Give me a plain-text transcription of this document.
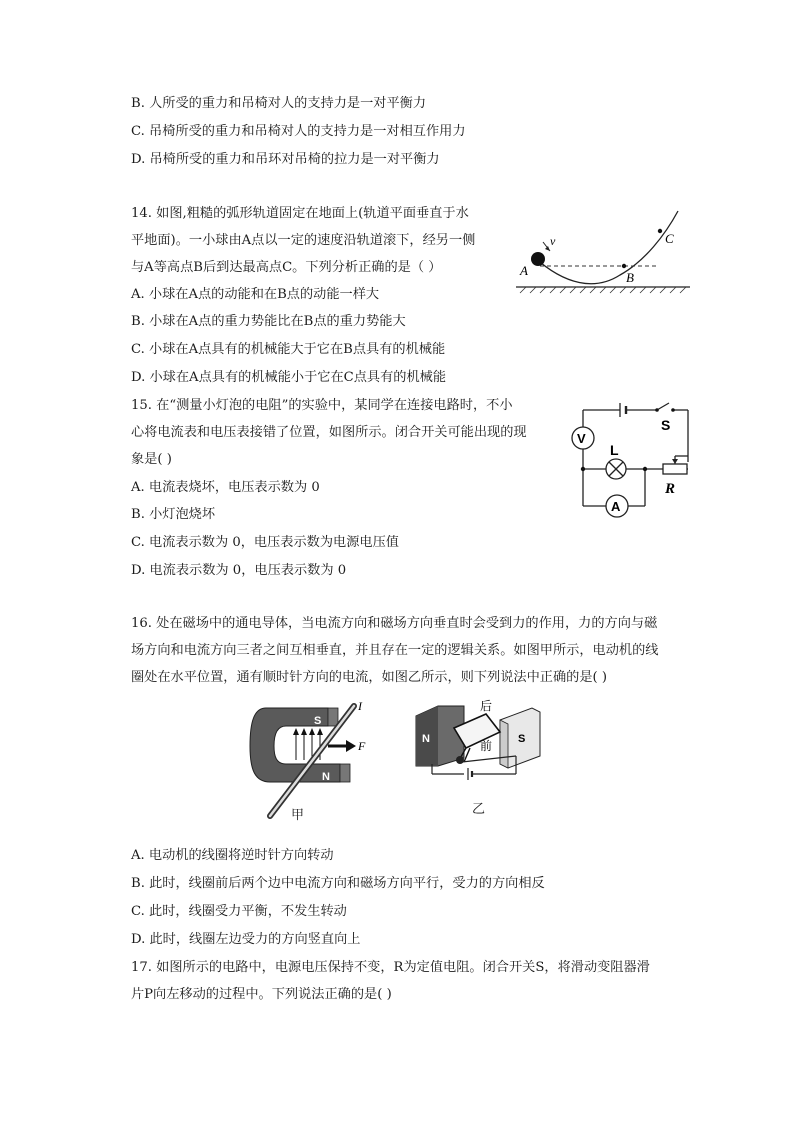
B. 人所受的重力和吊椅对人的支持力是一对平衡力
C. 吊椅所受的重力和吊椅对人的支持力是一对相互作用力
D. 吊椅所受的重力和吊环对吊椅的拉力是一对平衡力
14. 如图,粗糙的弧形轨道固定在地面上(轨道平面垂直于水
平地面)。一小球由A点以一定的速度沿轨道滚下，经另一侧
与A等高点B后到达最高点C。下列分析正确的是（ ）
A. 小球在A点的动能和在B点的动能一样大
B. 小球在A点的重力势能比在B点的重力势能大
C. 小球在A点具有的机械能大于它在B点具有的机械能
D. 小球在A点具有的机械能小于它在C点具有的机械能
A	B
C
v
15. 在“测量小灯泡的电阻”的实验中，某同学在连接电路时，不小
心将电流表和电压表接错了位置，如图所示。闭合开关可能出现的现
象是( )
A. 电流表烧坏，电压表示数为 0
B. 小灯泡烧坏
C. 电流表示数为 0，电压表示数为电源电压值
D. 电流表示数为 0，电压表示数为 0
V
L
A
S
R
16. 处在磁场中的通电导体，当电流方向和磁场方向垂直时会受到力的作用，力的方向与磁
场方向和电流方向三者之间互相垂直，并且存在一定的逻辑关系。如图甲所示，电动机的线
圈处在水平位置，通有顺时针方向的电流，如图乙所示，则下列说法中正确的是( )
S
N
F
I
甲
后
前
N	S
乙
A. 电动机的线圈将逆时针方向转动
B. 此时，线圈前后两个边中电流方向和磁场方向平行，受力的方向相反
C. 此时，线圈受力平衡，不发生转动
D. 此时，线圈左边受力的方向竖直向上
17. 如图所示的电路中，电源电压保持不变，R为定值电阻。闭合开关S，将滑动变阻器滑
片P向左移动的过程中。下列说法正确的是( )
